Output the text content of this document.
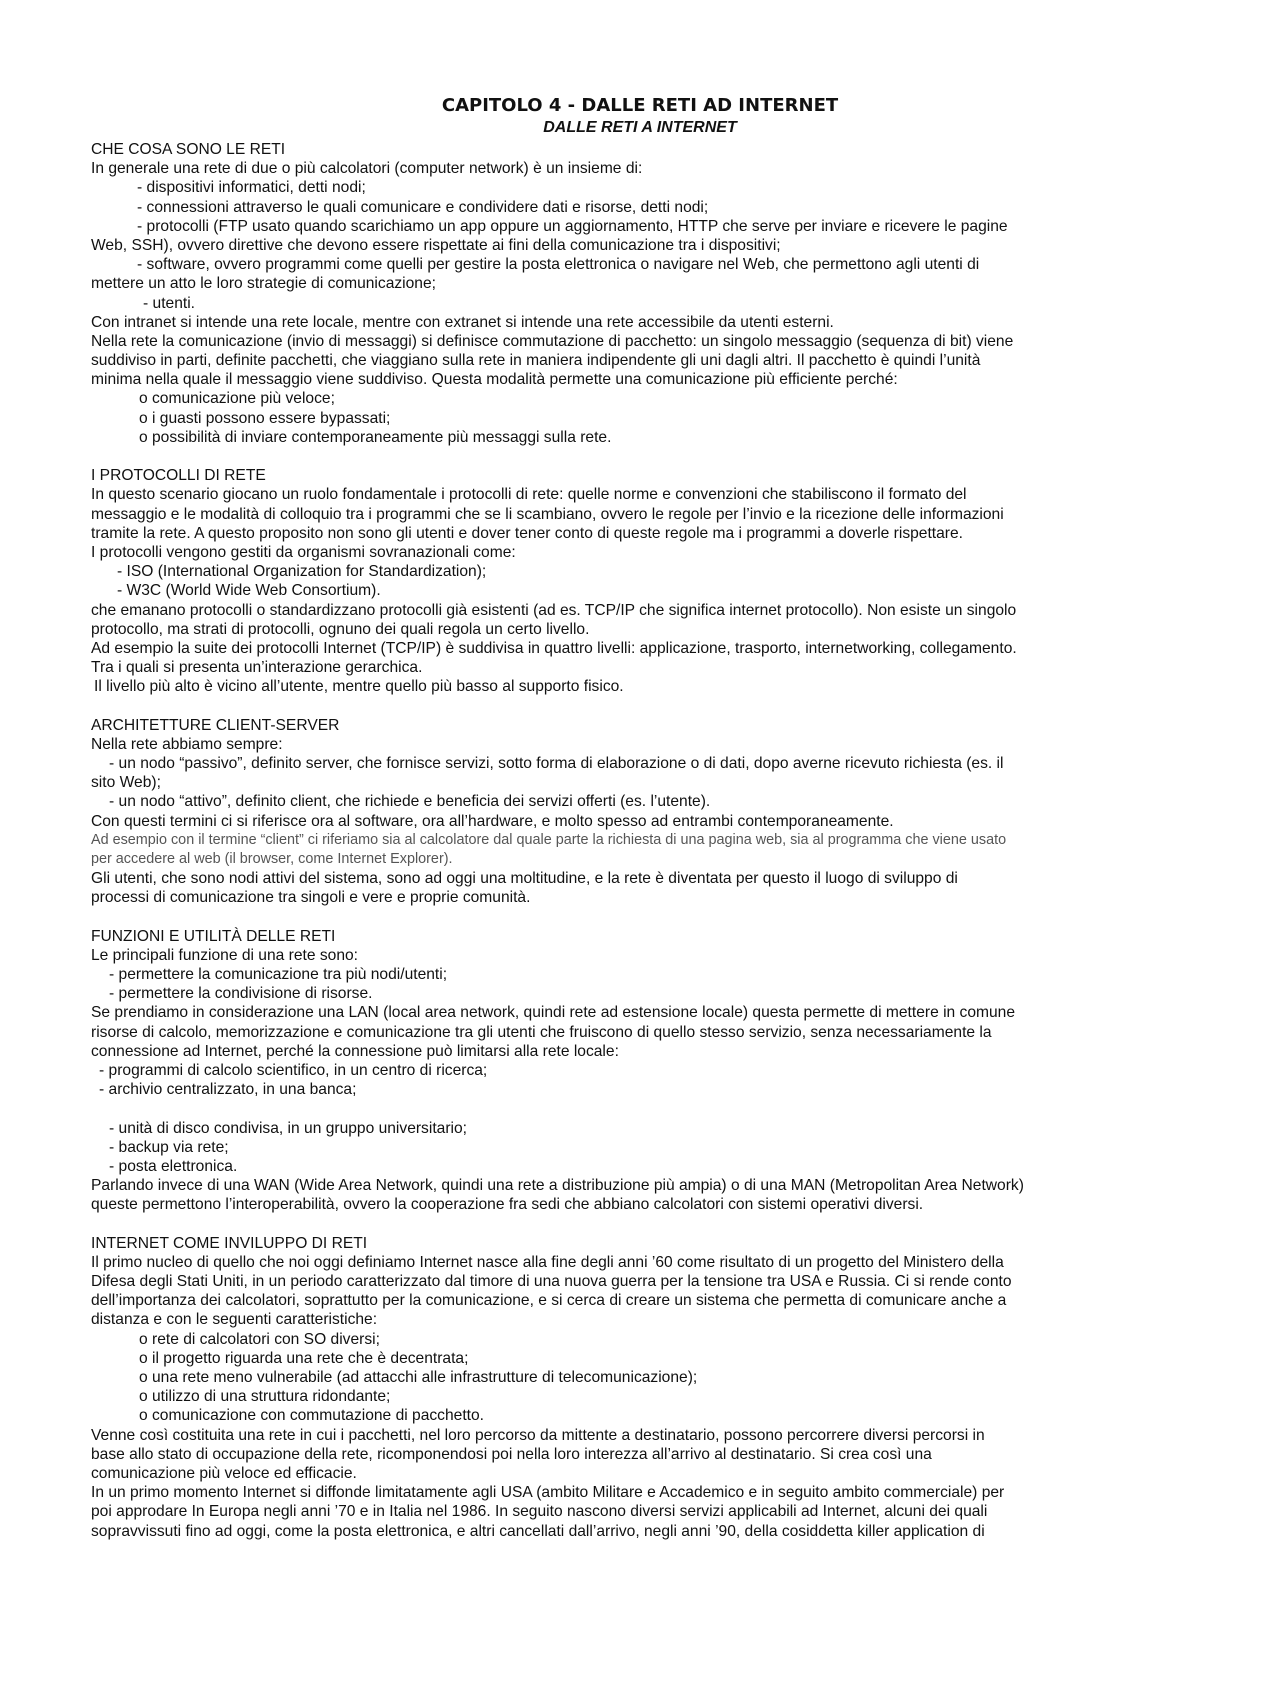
CAPITOLO 4 - DALLE RETI AD INTERNET
DALLE RETI A INTERNET
CHE COSA SONO LE RETI
In generale una rete di due o più calcolatori (computer network) è un insieme di:
- dispositivi informatici, detti nodi;
- connessioni attraverso le quali comunicare e condividere dati e risorse, detti nodi;
- protocolli (FTP usato quando scarichiamo un app oppure un aggiornamento, HTTP che serve per inviare e ricevere le pagine
Web, SSH), ovvero direttive che devono essere rispettate ai fini della comunicazione tra i dispositivi;
- software, ovvero programmi come quelli per gestire la posta elettronica o navigare nel Web, che permettono agli utenti di
mettere un atto le loro strategie di comunicazione;
- utenti.
Con intranet si intende una rete locale, mentre con extranet si intende una rete accessibile da utenti esterni.
Nella rete la comunicazione (invio di messaggi) si definisce commutazione di pacchetto: un singolo messaggio (sequenza di bit) viene
suddiviso in parti, definite pacchetti, che viaggiano sulla rete in maniera indipendente gli uni dagli altri. Il pacchetto è quindi l’unità
minima nella quale il messaggio viene suddiviso. Questa modalità permette una comunicazione più efficiente perché:
o comunicazione più veloce;
o i guasti possono essere bypassati;
o possibilità di inviare contemporaneamente più messaggi sulla rete.
I PROTOCOLLI DI RETE
In questo scenario giocano un ruolo fondamentale i protocolli di rete: quelle norme e convenzioni che stabiliscono il formato del
messaggio e le modalità di colloquio tra i programmi che se li scambiano, ovvero le regole per l’invio e la ricezione delle informazioni
tramite la rete. A questo proposito non sono gli utenti e dover tener conto di queste regole ma i programmi a doverle rispettare.
I protocolli vengono gestiti da organismi sovranazionali come:
- ISO (International Organization for Standardization);
- W3C (World Wide Web Consortium).
che emanano protocolli o standardizzano protocolli già esistenti (ad es. TCP/IP che significa internet protocollo). Non esiste un singolo
protocollo, ma strati di protocolli, ognuno dei quali regola un certo livello.
Ad esempio la suite dei protocolli Internet (TCP/IP) è suddivisa in quattro livelli: applicazione, trasporto, internetworking, collegamento.
Tra i quali si presenta un’interazione gerarchica.
Il livello più alto è vicino all’utente, mentre quello più basso al supporto fisico.
ARCHITETTURE CLIENT-SERVER
Nella rete abbiamo sempre:
- un nodo “passivo”, definito server, che fornisce servizi, sotto forma di elaborazione o di dati, dopo averne ricevuto richiesta (es. il
sito Web);
- un nodo “attivo”, definito client, che richiede e beneficia dei servizi offerti (es. l’utente).
Con questi termini ci si riferisce ora al software, ora all’hardware, e molto spesso ad entrambi contemporaneamente.
Ad esempio con il termine “client” ci riferiamo sia al calcolatore dal quale parte la richiesta di una pagina web, sia al programma che viene usato
per accedere al web (il browser, come Internet Explorer).
Gli utenti, che sono nodi attivi del sistema, sono ad oggi una moltitudine, e la rete è diventata per questo il luogo di sviluppo di
processi di comunicazione tra singoli e vere e proprie comunità.
FUNZIONI E UTILITÀ DELLE RETI
Le principali funzione di una rete sono:
- permettere la comunicazione tra più nodi/utenti;
- permettere la condivisione di risorse.
Se prendiamo in considerazione una LAN (local area network, quindi rete ad estensione locale) questa permette di mettere in comune
risorse di calcolo, memorizzazione e comunicazione tra gli utenti che fruiscono di quello stesso servizio, senza necessariamente la
connessione ad Internet, perché la connessione può limitarsi alla rete locale:
- programmi di calcolo scientifico, in un centro di ricerca;
- archivio centralizzato, in una banca;
- unità di disco condivisa, in un gruppo universitario;
- backup via rete;
- posta elettronica.
Parlando invece di una WAN (Wide Area Network, quindi una rete a distribuzione più ampia) o di una MAN (Metropolitan Area Network)
queste permettono l’interoperabilità, ovvero la cooperazione fra sedi che abbiano calcolatori con sistemi operativi diversi.
INTERNET COME INVILUPPO DI RETI
Il primo nucleo di quello che noi oggi definiamo Internet nasce alla fine degli anni ’60 come risultato di un progetto del Ministero della
Difesa degli Stati Uniti, in un periodo caratterizzato dal timore di una nuova guerra per la tensione tra USA e Russia. Ci si rende conto
dell’importanza dei calcolatori, soprattutto per la comunicazione, e si cerca di creare un sistema che permetta di comunicare anche a
distanza e con le seguenti caratteristiche:
o rete di calcolatori con SO diversi;
o il progetto riguarda una rete che è decentrata;
o una rete meno vulnerabile (ad attacchi alle infrastrutture di telecomunicazione);
o utilizzo di una struttura ridondante;
o comunicazione con commutazione di pacchetto.
Venne così costituita una rete in cui i pacchetti, nel loro percorso da mittente a destinatario, possono percorrere diversi percorsi in
base allo stato di occupazione della rete, ricomponendosi poi nella loro interezza all’arrivo al destinatario. Si crea così una
comunicazione più veloce ed efficacie.
In un primo momento Internet si diffonde limitatamente agli USA (ambito Militare e Accademico e in seguito ambito commerciale) per
poi approdare In Europa negli anni ’70 e in Italia nel 1986. In seguito nascono diversi servizi applicabili ad Internet, alcuni dei quali
sopravvissuti fino ad oggi, come la posta elettronica, e altri cancellati dall’arrivo, negli anni ’90, della cosiddetta killer application di
